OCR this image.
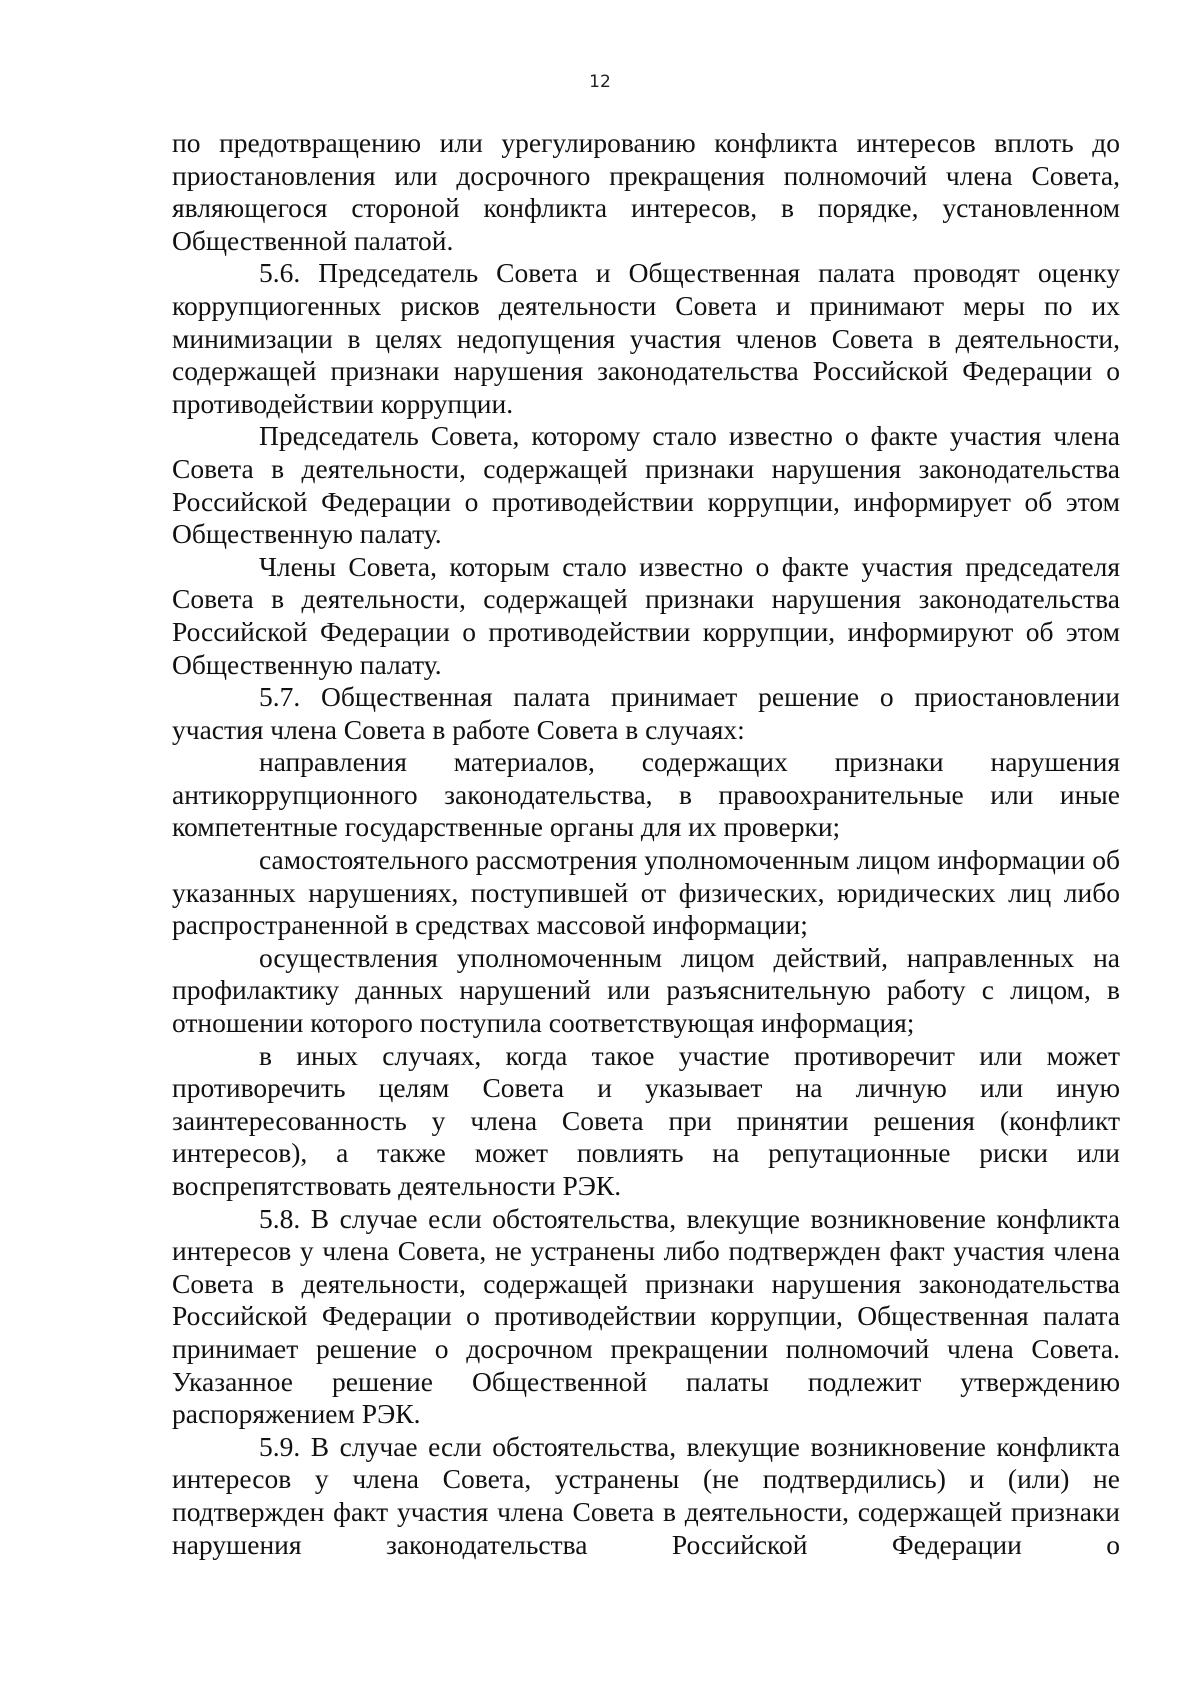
12

по предотвращению или урегулированию конфликта интересов вплоть до приостановления или досрочного прекращения полномочий члена Совета, являющегося стороной конфликта интересов, в порядке, установленном Общественной палатой.

5.6. Председатель Совета и Общественная палата проводят оценку коррупциогенных рисков деятельности Совета и принимают меры по их минимизации в целях недопущения участия членов Совета в деятельности, содержащей признаки нарушения законодательства Российской Федерации о противодействии коррупции.

Председатель Совета, которому стало известно о факте участия члена Совета в деятельности, содержащей признаки нарушения законодательства Российской Федерации о противодействии коррупции, информирует об этом Общественную палату.

Члены Совета, которым стало известно о факте участия председателя Совета в деятельности, содержащей признаки нарушения законодательства Российской Федерации о противодействии коррупции, информируют об этом Общественную палату.

5.7. Общественная палата принимает решение о приостановлении участия члена Совета в работе Совета в случаях:

направления материалов, содержащих признаки нарушения антикоррупционного законодательства, в правоохранительные или иные компетентные государственные органы для их проверки;

самостоятельного рассмотрения уполномоченным лицом информации об указанных нарушениях, поступившей от физических, юридических лиц либо распространенной в средствах массовой информации;

осуществления уполномоченным лицом действий, направленных на профилактику данных нарушений или разъяснительную работу с лицом, в отношении которого поступила соответствующая информация;

в иных случаях, когда такое участие противоречит или может противоречить целям Совета и указывает на личную или иную заинтересованность у члена Совета при принятии решения (конфликт интересов), а также может повлиять на репутационные риски или воспрепятствовать деятельности РЭК.

5.8. В случае если обстоятельства, влекущие возникновение конфликта интересов у члена Совета, не устранены либо подтвержден факт участия члена Совета в деятельности, содержащей признаки нарушения законодательства Российской Федерации о противодействии коррупции, Общественная палата принимает решение о досрочном прекращении полномочий члена Совета. Указанное решение Общественной палаты подлежит утверждению распоряжением РЭК.

5.9. В случае если обстоятельства, влекущие возникновение конфликта интересов у члена Совета, устранены (не подтвердились) и (или) не подтвержден факт участия члена Совета в деятельности, содержащей признаки нарушения законодательства Российской Федерации о
